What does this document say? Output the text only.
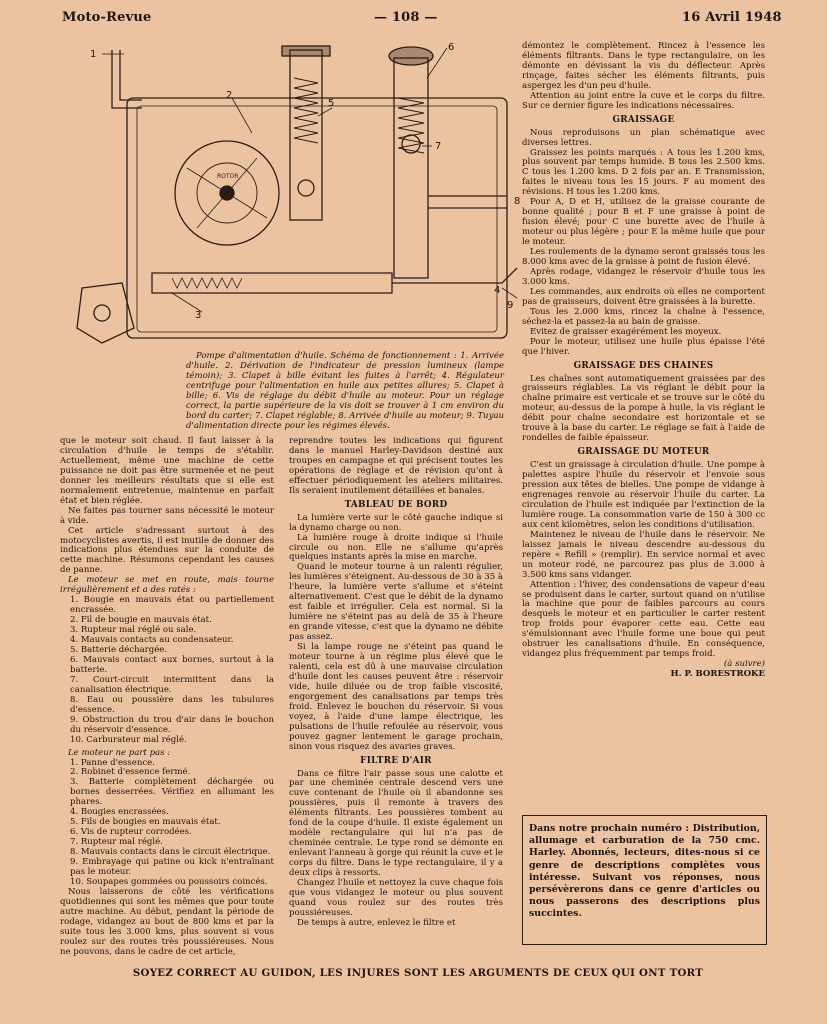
Moto-Revue	— 108 —	16 Avril 1948
ROTOR
1
2
3
4
5
6
7
8
9

Pompe d'alimentation d'huile. Schéma de fonctionnement : 1. Arrivée d'huile. 2. Dérivation de l'indicateur de pression lumineux (lampe témoin); 3. Clapet à bille évitant les fuites à l'arrêt; 4. Régulateur centrifuge pour l'alimentation en huile aux petites allures; 5. Clapet à bille; 6. Vis de réglage du débit d'huile au moteur. Pour un réglage correct, la partie supérieure de la vis doit se trouver à 1 cm environ du bord du carter; 7. Clapet réglable; 8. Arrivée d'huile au moteur; 9. Tuyau d'alimentation directe pour les régimes élevés.

que le moteur soit chaud. Il faut laisser à la circulation d'huile le temps de s'établir. Actuellement, même une machine de cette puissance ne doit pas être surmenée et ne peut donner les meilleurs résultats que si elle est normalement entretenue, maintenue en parfait état et bien réglée.

Ne faites pas tourner sans nécessité le moteur à vide.

Cet article s'adressant surtout à des motocyclistes avertis, il est inutile de donner des indications plus étendues sur la conduite de cette machine. Résumons cependant les causes de panne.

Le moteur se met en route, mais tourne irrégulièrement et a des ratés :

1. Bougie en mauvais état ou partiellement encrassée.

2. Fil de bougie en mauvais état.

3. Rupteur mal réglé ou sale.

4. Mauvais contacts au condensateur.

5. Batterie déchargée.

6. Mauvais contact aux bornes, surtout à la batterie.

7. Court-circuit intermittent dans la canalisation électrique.

8. Eau ou poussière dans les tubulures d'essence.

9. Obstruction du trou d'air dans le bouchon du réservoir d'essence.

10. Carburateur mal réglé.

Le moteur ne part pas :

1. Panne d'essence.

2. Robinet d'essence fermé.

3. Batterie complètement déchargée ou bornes desserrées. Vérifiez en allumant les phares.

4. Bougies encrassées.

5. Fils de bougies en mauvais état.

6. Vis de rupteur corrodées.

7. Rupteur mal réglé.

8. Mauvais contacts dans le circuit électrique.

9. Embrayage qui patine ou kick n'entraînant pas le moteur.

10. Soupapes gommées ou poussoirs coincés.

Nous laisserons de côté les vérifications quotidiennes qui sont les mêmes que pour toute autre machine. Au début, pendant la période de rodage, vidangez au bout de 800 kms et par la suite tous les 3.000 kms, plus souvent si vous roulez sur des routes très poussiéreuses. Nous ne pouvons, dans le cadre de cet article,

reprendre toutes les indications qui figurent dans le manuel Harley-Davidson destiné aux troupes en campagne et qui précisent toutes les opérations de réglage et de révision qu'ont à effectuer périodiquement les ateliers militaires. Ils seraient inutilement détaillées et banales.

TABLEAU DE BORD

La lumière verte sur le côté gauche indique si la dynamo charge ou non.

La lumière rouge à droite indique si l'huile circule ou non. Elle ne s'allume qu'après quelques instants après la mise en marche.

Quand le moteur tourne à un ralenti régulier, les lumières s'éteignent. Au-dessous de 30 à 35 à l'heure, la lumière verte s'allume et s'éteint alternativement. C'est que le débit de la dynamo est faible et irrégulier. Cela est normal. Si la lumière ne s'éteint pas au delà de 35 à l'heure en grande vitesse, c'est que la dynamo ne débite pas assez.

Si la lampe rouge ne s'éteint pas quand le moteur tourne à un régime plus élevé que le ralenti, cela est dû à une mauvaise circulation d'huile dont les causes peuvent être : réservoir vide, huile diluée ou de trop faible viscosité, engorgement des canalisations par temps très froid. Enlevez le bouchon du réservoir. Si vous voyez, à l'aide d'une lampe électrique, les pulsations de l'huile refoulée au réservoir, vous pouvez gagner lentement le garage prochain, sinon vous risquez des avaries graves.

FILTRE D'AIR

Dans ce filtre l'air passe sous une calotte et par une cheminée centrale descend vers une cuve contenant de l'huile où il abandonne ses poussières, puis il remonte à travers des éléments filtrants. Les poussières tombent au fond de la coupe d'huile. Il existe également un modèle rectangulaire qui lui n'a pas de cheminée centrale. Le type rond se démonte en enlevant l'anneau à gorge qui réunit la cuve et le corps du filtre. Dans le type rectangulaire, il y a deux clips à ressorts.

Changez l'huile et nettoyez la cuve chaque fois que vous vidangez le moteur ou plus souvent quand vous roulez sur des routes très poussiéreuses.

De temps à autre, enlevez le filtre et

démontez le complètement. Rincez à l'essence les éléments filtrants. Dans le type rectangulaire, on les démonte en dévissant la vis du déflecteur. Après rinçage, faites sécher les éléments filtrants, puis aspergez les d'un peu d'huile.

Attention au joint entre la cuve et le corps du filtre. Sur ce dernier figure les indications nécessaires.

GRAISSAGE

Nous reproduisons un plan schématique avec diverses lettres.

Graissez les points marqués : A tous les 1.200 kms, plus souvent par temps humide. B tous les 2.500 kms. C tous les 1.200 kms. D 2 fois par an. E Transmission, faites le niveau tous les 15 jours. F au moment des révisions. H tous les 1.200 kms.

Pour A, D et H, utilisez de la graisse courante de bonne qualité ; pour B et F une graisse à point de fusion élevé; pour C une burette avec de l'huile à moteur ou plus légère ; pour E la même huile que pour le moteur.

Les roulements de la dynamo seront graissés tous les 8.000 kms avec de la graisse à point de fusion élevé.

Après rodage, vidangez le réservoir d'huile tous les 3.000 kms.

Les commandes, aux endroits où elles ne comportent pas de graisseurs, doivent être graissées à la burette.

Tous les 2.000 kms, rincez la chaîne à l'essence, séchez-la et passez-la au bain de graisse.

Evitez de graisser exagérément les moyeux.

Pour le moteur, utilisez une huile plus épaisse l'été que l'hiver.

GRAISSAGE DES CHAINES

Les chaînes sont automatiquement graissées par des graisseurs réglables. La vis réglant le débit pour la chaîne primaire est verticale et se trouve sur le côté du moteur, au-dessus de la pompe à huile, la vis réglant le débit pour chaîne secondaire est horizontale et se trouve à la base du carter. Le réglage se fait à l'aide de rondelles de faible épaisseur.

GRAISSAGE DU MOTEUR

C'est un graissage à circulation d'huile. Une pompe à palettes aspire l'huile du réservoir et l'envoie sous pression aux têtes de bielles. Une pompe de vidange à engrenages renvoie au réservoir l'huile du carter. La circulation de l'huile est indiquée par l'extinction de la lumière rouge. La consommation varie de 150 à 300 cc aux cent kilomètres, selon les conditions d'utilisation.

Maintenez le niveau de l'huile dans le réservoir. Ne laissez jamais le niveau descendre au-dessous du repère « Refill » (remplir). En service normal et avec un moteur rodé, ne parcourez pas plus de 3.000 à 3.500 kms sans vidanger.

Attention : l'hiver, des condensations de vapeur d'eau se produisent dans le carter, surtout quand on n'utilise la machine que pour de faibles parcours au cours desquels le moteur et en particulier le carter restent trop froids pour évaporer cette eau. Cette eau s'émulsionnant avec l'huile forme une boue qui peut obstruer les canalisations d'huile. En conséquence, vidangez plus fréquemment par temps froid.

(à suivre)
H. P. BORESTROKE

Dans notre prochain numéro : Distribution, allumage et carburation de la 750 cmc. Harley. Abonnés, lecteurs, dites-nous si ce genre de descriptions complètes vous intéresse. Suivant vos réponses, nous persévèrerons dans ce genre d'articles ou nous passerons des descriptions plus succintes.

SOYEZ CORRECT AU GUIDON, LES INJURES SONT LES ARGUMENTS DE CEUX QUI ONT TORT
